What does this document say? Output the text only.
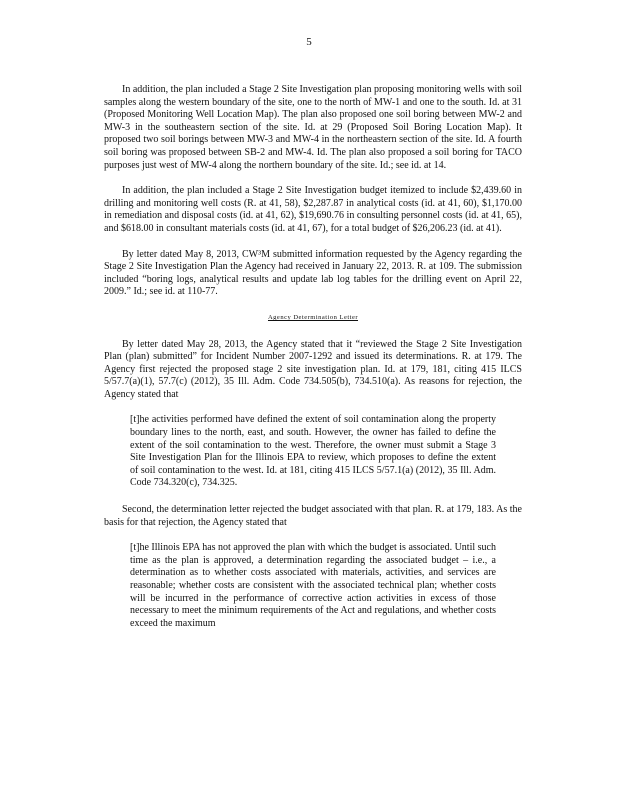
5

In addition, the plan included a Stage 2 Site Investigation plan proposing monitoring wells with soil samples along the western boundary of the site, one to the north of MW-1 and one to the south. Id. at 31 (Proposed Monitoring Well Location Map). The plan also proposed one soil boring between MW-2 and MW-3 in the southeastern section of the site. Id. at 29 (Proposed Soil Boring Location Map). It proposed two soil borings between MW-3 and MW-4 in the northeastern section of the site. Id. A fourth soil boring was proposed between SB-2 and MW-4. Id. The plan also proposed a soil boring for TACO purposes just west of MW-4 along the northern boundary of the site. Id.; see id. at 14.

In addition, the plan included a Stage 2 Site Investigation budget itemized to include $2,439.60 in drilling and monitoring well costs (R. at 41, 58), $2,287.87 in analytical costs (id. at 41, 60), $1,170.00 in remediation and disposal costs (id. at 41, 62), $19,690.76 in consulting personnel costs (id. at 41, 65), and $618.00 in consultant materials costs (id. at 41, 67), for a total budget of $26,206.23 (id. at 41).

By letter dated May 8, 2013, CW³M submitted information requested by the Agency regarding the Stage 2 Site Investigation Plan the Agency had received in January 22, 2013. R. at 109. The submission included “boring logs, analytical results and update lab log tables for the drilling event on April 22, 2009.” Id.; see id. at 110-77.

Agency Determination Letter

By letter dated May 28, 2013, the Agency stated that it “reviewed the Stage 2 Site Investigation Plan (plan) submitted” for Incident Number 2007-1292 and issued its determinations. R. at 179. The Agency first rejected the proposed stage 2 site investigation plan. Id. at 179, 181, citing 415 ILCS 5/57.7(a)(1), 57.7(c) (2012), 35 Ill. Adm. Code 734.505(b), 734.510(a). As reasons for rejection, the Agency stated that

[t]he activities performed have defined the extent of soil contamination along the property boundary lines to the north, east, and south. However, the owner has failed to define the extent of the soil contamination to the west. Therefore, the owner must submit a Stage 3 Site Investigation Plan for the Illinois EPA to review, which proposes to define the extent of soil contamination to the west. Id. at 181, citing 415 ILCS 5/57.1(a) (2012), 35 Ill. Adm. Code 734.320(c), 734.325.

Second, the determination letter rejected the budget associated with that plan. R. at 179, 183. As the basis for that rejection, the Agency stated that

[t]he Illinois EPA has not approved the plan with which the budget is associated. Until such time as the plan is approved, a determination regarding the associated budget – i.e., a determination as to whether costs associated with materials, activities, and services are reasonable; whether costs are consistent with the associated technical plan; whether costs will be incurred in the performance of corrective action activities in excess of those necessary to meet the minimum requirements of the Act and regulations, and whether costs exceed the maximum
